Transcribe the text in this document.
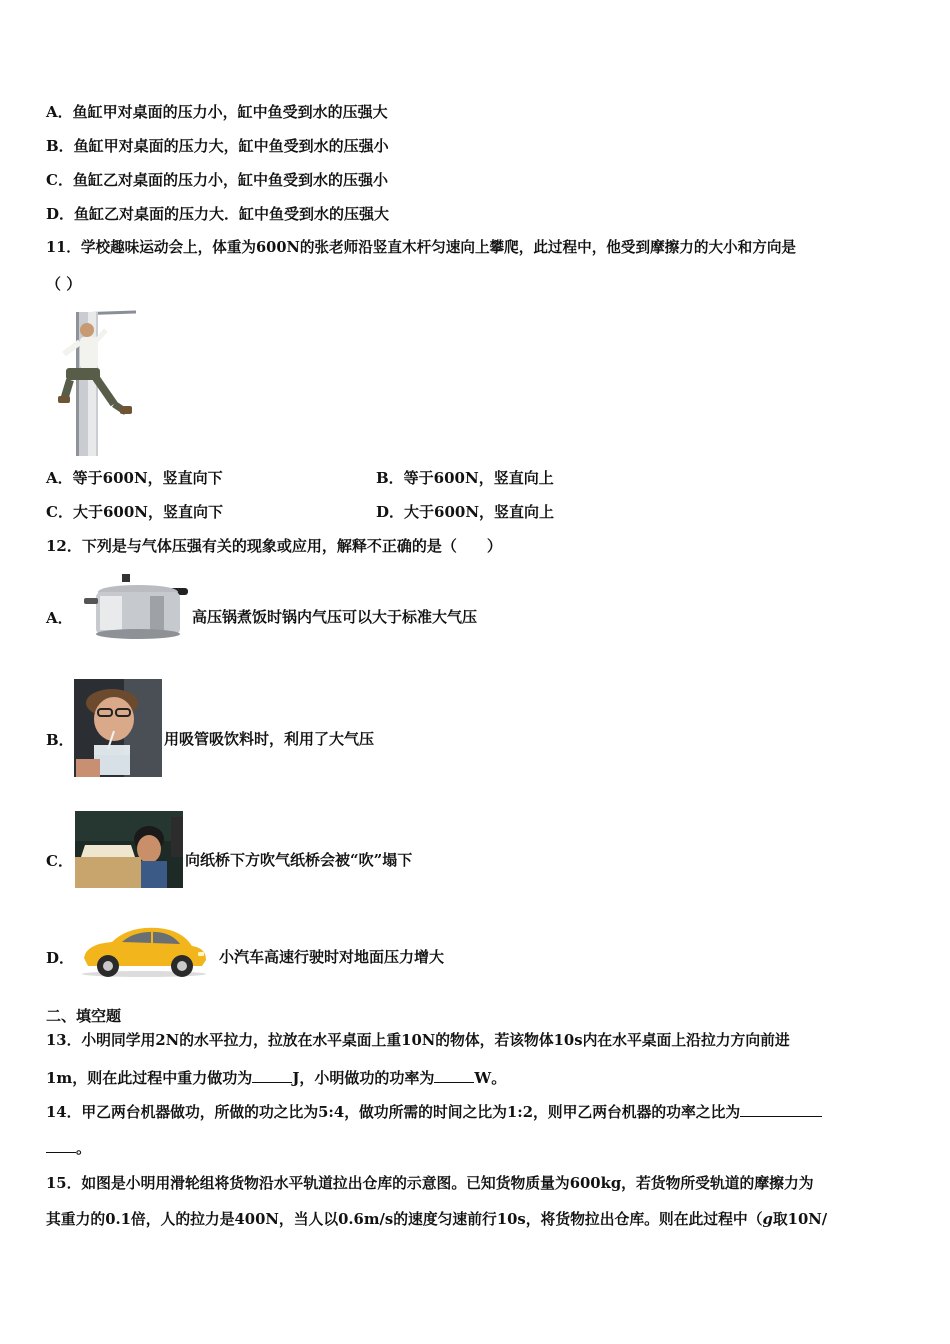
A．鱼缸甲对桌面的压力小，缸中鱼受到水的压强大
B．鱼缸甲对桌面的压力大，缸中鱼受到水的压强小
C．鱼缸乙对桌面的压力小，缸中鱼受到水的压强小
D．鱼缸乙对桌面的压力大．缸中鱼受到水的压强大
11．学校趣味运动会上，体重为600N的张老师沿竖直木杆匀速向上攀爬，此过程中，他受到摩擦力的大小和方向是
（ ）
A．等于600N，竖直向下	B．等于600N，竖直向上
C．大于600N，竖直向下	D．大于600N，竖直向上
12．下列是与气体压强有关的现象或应用，解释不正确的是（　　）
A．	高压锅煮饭时锅内气压可以大于标准大气压
B．	用吸管吸饮料时，利用了大气压
C．	向纸桥下方吹气纸桥会被“吹”塌下
D．	小汽车高速行驶时对地面压力增大
二、填空题
13．小明同学用2N的水平拉力，拉放在水平桌面上重10N的物体，若该物体10s内在水平桌面上沿拉力方向前进
1m，则在此过程中重力做功为	J，小明做功的功率为	W。
14．甲乙两台机器做功，所做的功之比为5:4，做功所需的时间之比为1:2，则甲乙两台机器的功率之比为
。
15．如图是小明用滑轮组将货物沿水平轨道拉出仓库的示意图。已知货物质量为600kg，若货物所受轨道的摩擦力为
其重力的0.1倍，人的拉力是400N，当人以0.6m/s的速度匀速前行10s，将货物拉出仓库。则在此过程中（g取10N/
